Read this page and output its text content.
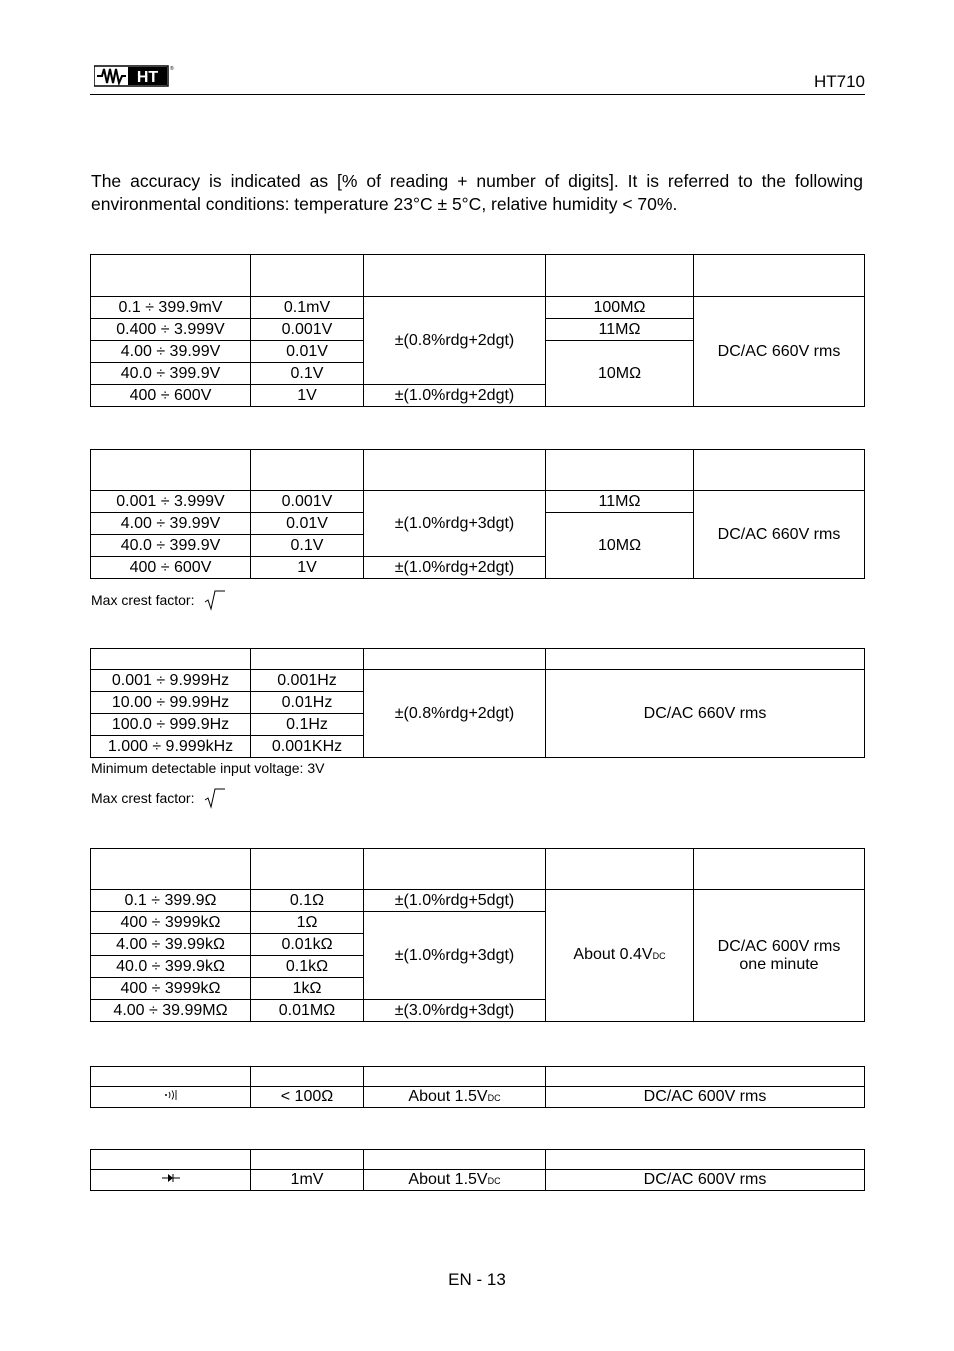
HT ®
HT710
The accuracy is indicated as [% of reading + number of digits]. It is referred to the following environmental conditions: temperature 23°C ± 5°C, relative humidity < 70%.

0.1 ÷ 399.9mV	0.1mV	±(0.8%rdg+2dgt)	100MΩ	DC/AC 660V rms
0.400 ÷ 3.999V	0.001V		11MΩ	
4.00 ÷ 39.99V	0.01V		10MΩ	
40.0 ÷ 399.9V	0.1V			
400 ÷ 600V	1V	±(1.0%rdg+2dgt)		

0.001 ÷ 3.999V	0.001V	±(1.0%rdg+3dgt)	11MΩ	DC/AC 660V rms
4.00 ÷ 39.99V	0.01V		10MΩ	
40.0 ÷ 399.9V	0.1V			
400 ÷ 600V	1V	±(1.0%rdg+2dgt)		
Max crest factor:

0.001 ÷ 9.999Hz	0.001Hz	±(0.8%rdg+2dgt)	DC/AC 660V rms
10.00 ÷ 99.99Hz	0.01Hz		
100.0 ÷ 999.9Hz	0.1Hz		
1.000 ÷ 9.999kHz	0.001KHz		
Minimum detectable input voltage: 3V
Max crest factor:

0.1 ÷ 399.9Ω	0.1Ω	±(1.0%rdg+5dgt)	About 0.4VDC	DC/AC 600V rms
one minute

400 ÷ 3999kΩ	1Ω	±(1.0%rdg+3dgt)		
4.00 ÷ 39.99kΩ	0.01kΩ			
40.0 ÷ 399.9kΩ	0.1kΩ			
400 ÷ 3999kΩ	1kΩ			
4.00 ÷ 39.99MΩ	0.01MΩ	±(3.0%rdg+3dgt)		

	< 100Ω	About 1.5VDC	DC/AC 600V rms

	1mV	About 1.5VDC	DC/AC 600V rms
EN - 13
